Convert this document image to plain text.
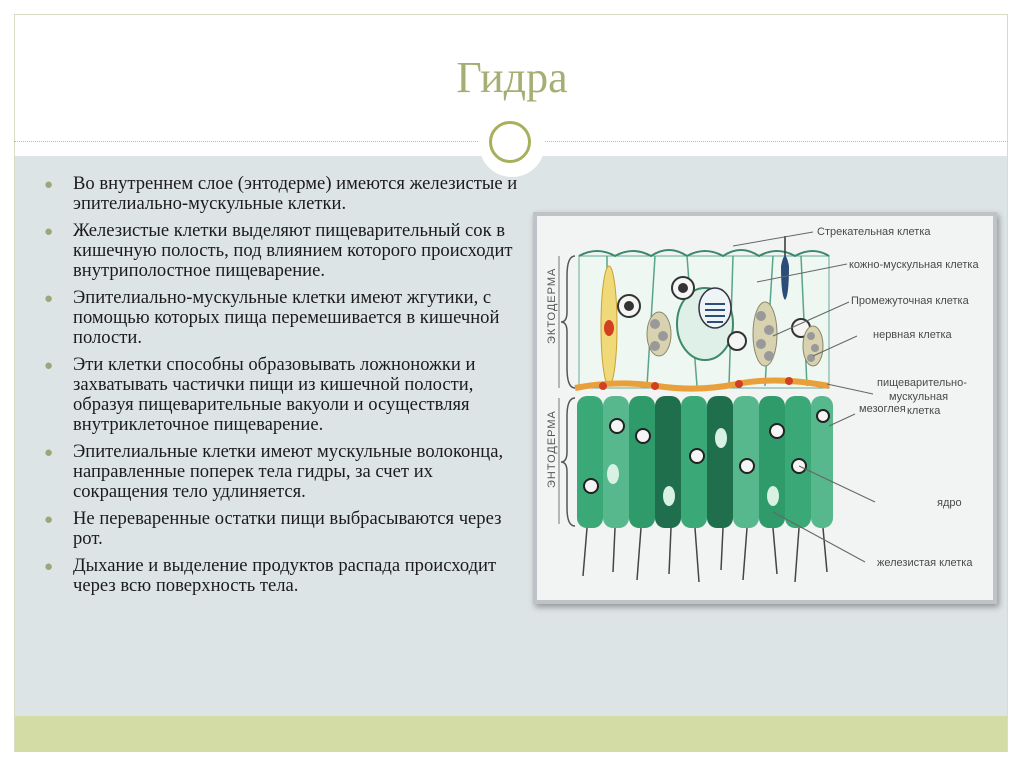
Гидра
● Во внутреннем слое (энтодерме) имеются железистые и эпителиально-мускульные клетки.
● Железистые клетки выделяют пищеварительный сок в кишечную полость, под влиянием которого происходит внутриполостное пищеварение.
● Эпителиально-мускульные клетки имеют жгутики, с помощью которых пища перемешивается в кишечной полости.
● Эти клетки способны образовывать ложноножки и захватывать частички пищи из кишечной полости, образуя пищеварительные вакуоли и осуществляя внутриклеточное пищеварение.
● Эпителиальные клетки имеют мускульные волоконца, направленные поперек тела гидры, за счет их сокращения тело удлиняется.
● Не переваренные остатки пищи выбрасываются через рот.
● Дыхание и выделение продуктов распада происходит через всю поверхность тела.
ЭКТОДЕРМА
ЭНТОДЕРМА
Стрекательная клетка
кожно-мускульная клетка
Промежуточная клетка
нервная клетка
пищеварительно-
мускульная
клетка
мезоглея
ядро
железистая клетка
